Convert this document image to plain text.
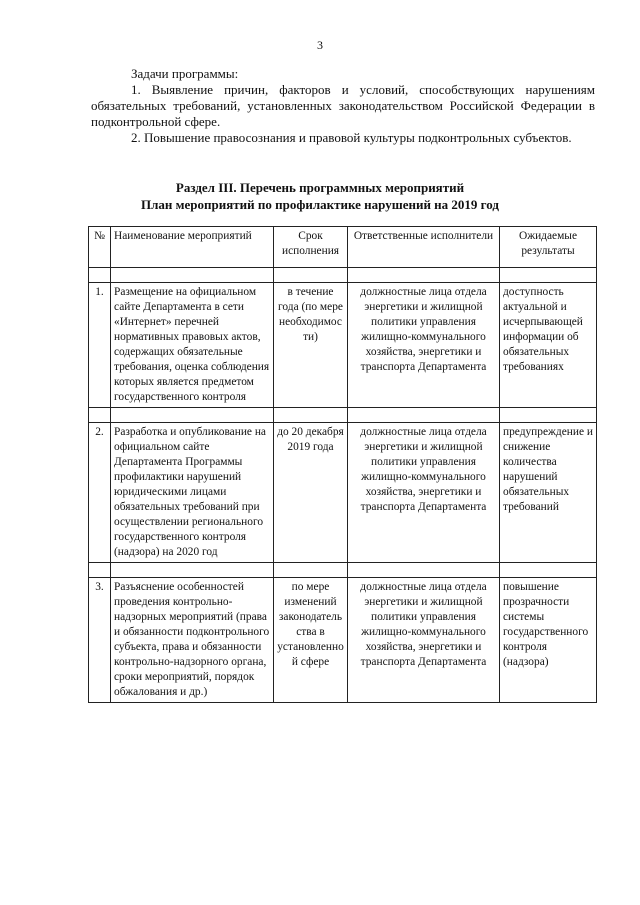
3

Задачи программы:

1. Выявление причин, факторов и условий, способствующих нарушениям обязательных требований, установленных законодательством Российской Федерации в подконтрольной сфере.

2. Повышение правосознания и правовой культуры подконтрольных субъектов.

Раздел III. Перечень программных мероприятий
План мероприятий по профилактике нарушений на 2019 год
№	Наименование мероприятий	Срок исполнения	Ответственные исполнители	Ожидаемые результаты

1.	Размещение на официальном сайте Департамента в сети «Интернет» перечней нормативных правовых актов, содержащих обязательные требования, оценка соблюдения которых является предметом государственного контроля	в течение года (по мере необходимости)	должностные лица отдела энергетики и жилищной политики управления жилищно-коммунального хозяйства, энергетики и транспорта Департамента	доступность актуальной и исчерпывающей информации об обязательных требованиях

2.	Разработка и опубликование на официальном сайте Департамента Программы профилактики нарушений юридическими лицами обязательных требований при осуществлении регионального государственного контроля (надзора) на 2020 год	до 20 декабря 2019 года	должностные лица отдела энергетики и жилищной политики управления жилищно-коммунального хозяйства, энергетики и транспорта Департамента	предупреждение и снижение количества нарушений обязательных требований

3.	Разъяснение особенностей проведения контрольно-надзорных мероприятий (права и обязанности подконтрольного субъекта, права и обязанности контрольно-надзорного органа, сроки мероприятий, порядок обжалования и др.)	по мере изменений законодательства в установленной сфере	должностные лица отдела энергетики и жилищной политики управления жилищно-коммунального хозяйства, энергетики и транспорта Департамента	повышение прозрачности системы государственного контроля (надзора)
